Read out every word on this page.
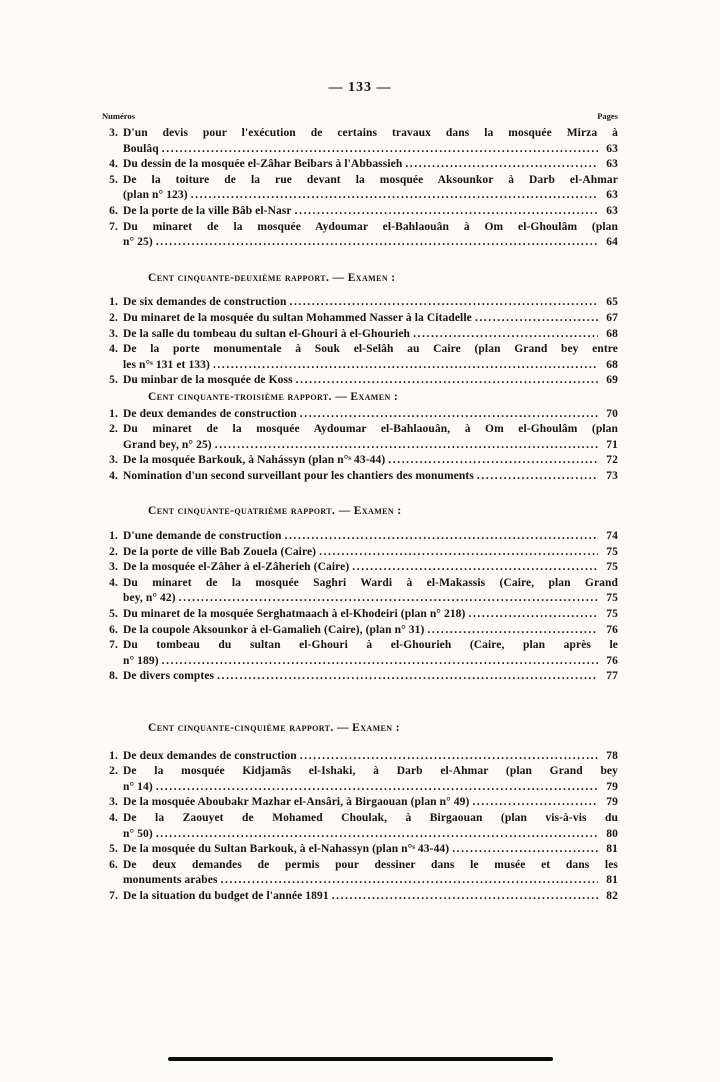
— 133 —
Numéros	Pages
3. D'un devis pour l'exécution de certains travaux dans la mosquée Mirza à
Boulâq .....	63
4. Du dessin de la mosquée el-Zâhar Beibars à l'Abbassieh .....	63
5. De la toiture de la rue devant la mosquée Aksounkor à Darb el-Ahmar
(plan n° 123) .....	63
6. De la porte de la ville Bâb el-Nasr .....	63
7. Du minaret de la mosquée Aydoumar el-Bahlaouân à Om el-Ghoulâm (plan
n° 25) .....	64
Cent cinquante-deuxième rapport. — Examen :
1. De six demandes de construction .....	65
2. Du minaret de la mosquée du sultan Mohammed Nasser à la Citadelle .....	67
3. De la salle du tombeau du sultan el-Ghouri à el-Ghourieh .....	68
4. De la porte monumentale à Souk el-Selâh au Caire (plan Grand bey entre
les n°ˢ 131 et 133) .....	68
5. Du minbar de la mosquée de Koss .....	69
Cent cinquante-troisième rapport. — Examen :
1. De deux demandes de construction .....	70
2. Du minaret de la mosquée Aydoumar el-Bahlaouân, à Om el-Ghoulâm (plan
Grand bey, n° 25) .....	71
3. De la mosquée Barkouk, à Nahássyn (plan n°ˢ 43-44) .....	72
4. Nomination d'un second surveillant pour les chantiers des monuments .....	73
Cent cinquante-quatrième rapport. — Examen :
1. D'une demande de construction .....	74
2. De la porte de ville Bab Zouela (Caire) .....	75
3. De la mosquée el-Zâher à el-Zâherieh (Caire) .....	75
4. Du minaret de la mosquée Saghri Wardi à el-Makassis (Caire, plan Grand
bey, n° 42) .....	75
5. Du minaret de la mosquée Serghatmaach à el-Khodeiri (plan n° 218) .....	75
6. De la coupole Aksounkor à el-Gamalieh (Caire), (plan n° 31) .....	76
7. Du tombeau du sultan el-Ghouri à el-Ghourieh (Caire, plan après le
n° 189) .....	76
8. De divers comptes .....	77
Cent cinquante-cinquième rapport. — Examen :
1. De deux demandes de construction .....	78
2. De la mosquée Kidjamâs el-Ishaki, à Darb el-Ahmar (plan Grand bey
n° 14) .....	79
3. De la mosquée Aboubakr Mazhar el-Ansâri, à Birgaouan (plan n° 49) .....	79
4. De la Zaouyet de Mohamed Choulak, à Birgaouan (plan vis-à-vis du
n° 50) .....	80
5. De la mosquée du Sultan Barkouk, à el-Nahassyn (plan n°ˢ 43-44) .....	81
6. De deux demandes de permis pour dessiner dans le musée et dans les
monuments arabes .....	81
7. De la situation du budget de l'année 1891 .....	82
